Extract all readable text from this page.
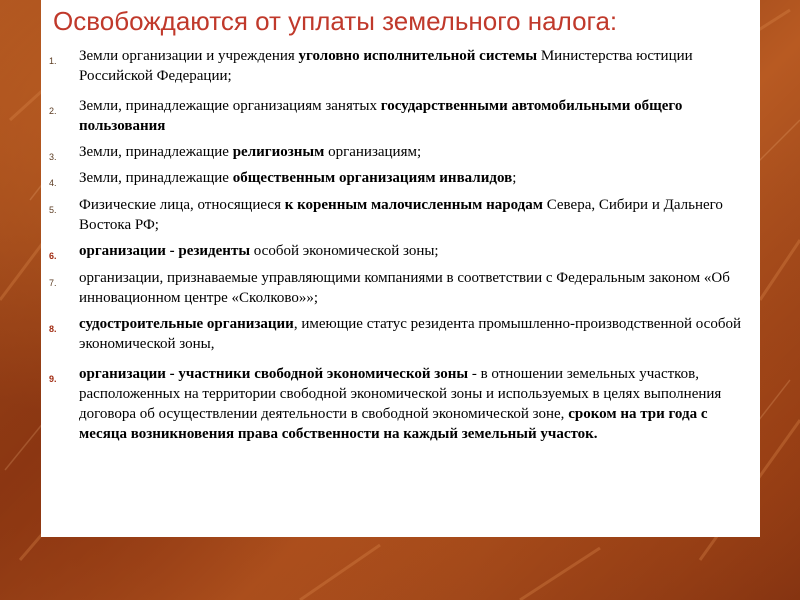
Освобождаются от уплаты земельного налога:
1. Земли организации и учреждения уголовно исполнительной системы Министерства юстиции Российской Федерации;
2. Земли, принадлежащие организациям занятых государственными автомобильными общего пользования
3. Земли, принадлежащие религиозным организациям;
4. Земли, принадлежащие общественным организациям инвалидов;
5. Физические лица, относящиеся к коренным малочисленным народам Севера, Сибири и Дальнего Востока РФ;
6. организации - резиденты особой экономической зоны;
7. организации, признаваемые управляющими компаниями в соответствии с Федеральным законом «Об инновационном центре «Сколково»»;
8. судостроительные организации, имеющие статус резидента промышленно-производственной особой экономической зоны,
9. организации - участники свободной экономической зоны - в отношении земельных участков, расположенных на территории свободной экономической зоны и используемых в целях выполнения договора об осуществлении деятельности в свободной экономической зоне, сроком на три года с месяца возникновения права собственности на каждый земельный участок.
